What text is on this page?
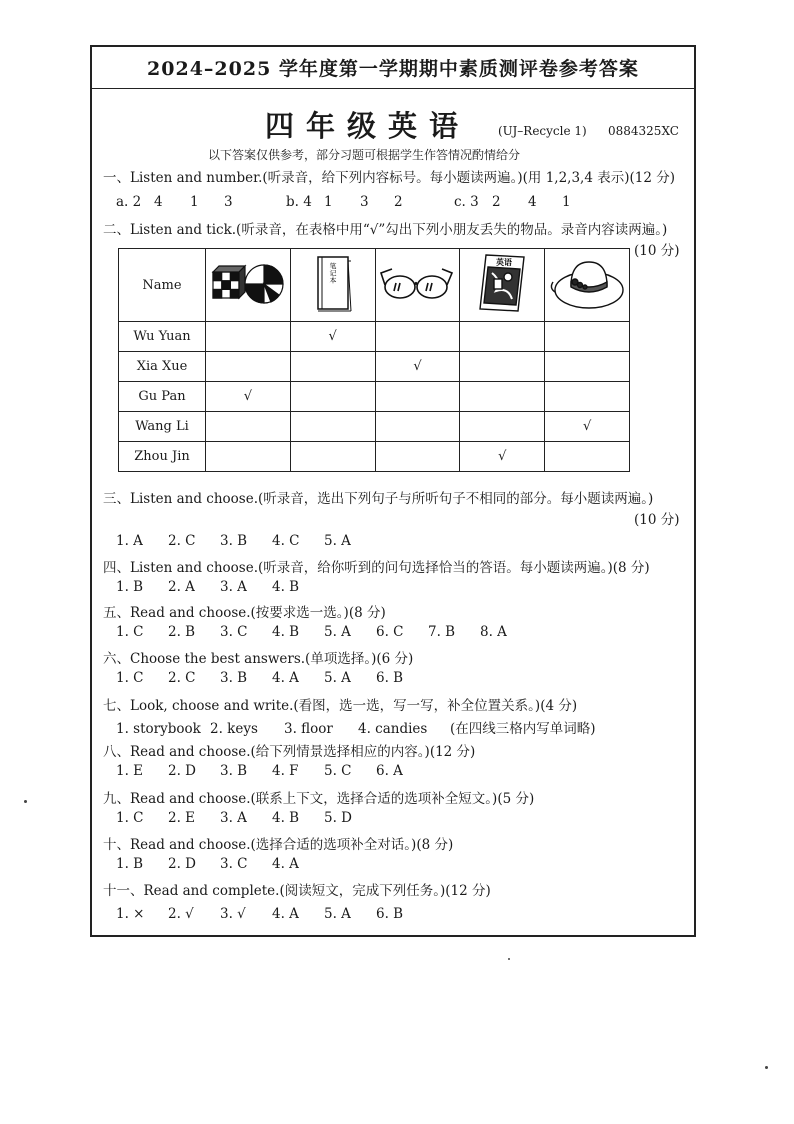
2024–2025 学年度第一学期期中素质测评卷参考答案
四年级英语 (UJ–Recycle 1) 0884325XC
以下答案仅供参考，部分习题可根据学生作答情况酌情给分
一、Listen and number.(听录音，给下列内容标号。每小题读两遍。)(用 1,2,3,4 表示)(12 分)
a. 2 4 1 3	b. 4 1 3 2	c. 3 2 4 1
二、Listen and tick.(听录音，在表格中用“√”勾出下列小朋友丢失的物品。录音内容读两遍。)
(10 分)
Name		笔记本		英语

Wu Yuan		√			
Xia Xue			√		
Gu Pan	√				
Wang Li					√
Zhou Jin				√	
三、Listen and choose.(听录音，选出下列句子与所听句子不相同的部分。每小题读两遍。)
(10 分)
1. A 2. C 3. B 4. C 5. A
四、Listen and choose.(听录音，给你听到的问句选择恰当的答语。每小题读两遍。)(8 分)
1. B 2. A 3. A 4. B
五、Read and choose.(按要求选一选。)(8 分)
1. C 2. B 3. C 4. B 5. A 6. C 7. B 8. A
六、Choose the best answers.(单项选择。)(6 分)
1. C 2. C 3. B 4. A 5. A 6. B
七、Look, choose and write.(看图，选一选，写一写，补全位置关系。)(4 分)
1. storybook 2. keys 3. floor 4. candies (在四线三格内写单词略)
八、Read and choose.(给下列情景选择相应的内容。)(12 分)
1. E 2. D 3. B 4. F 5. C 6. A
九、Read and choose.(联系上下文，选择合适的选项补全短文。)(5 分)
1. C 2. E 3. A 4. B 5. D
十、Read and choose.(选择合适的选项补全对话。)(8 分)
1. B 2. D 3. C 4. A
十一、Read and complete.(阅读短文，完成下列任务。)(12 分)
1. × 2. √ 3. √ 4. A 5. A 6. B
